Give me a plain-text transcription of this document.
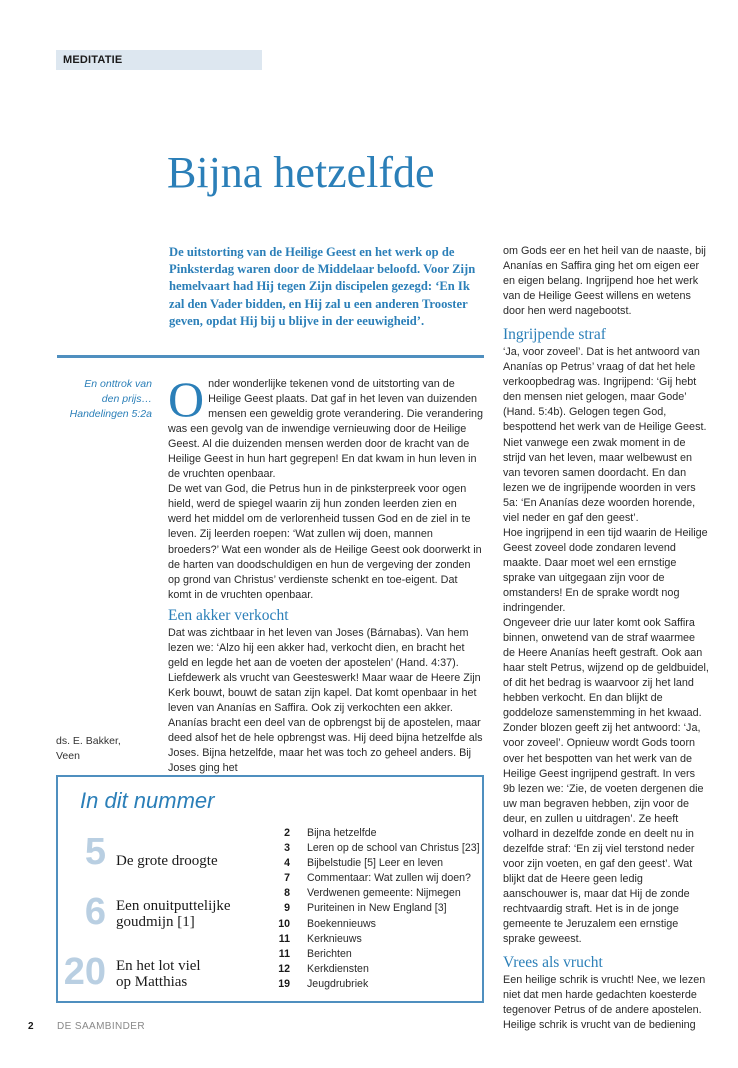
MEDITATIE
Bijna hetzelfde
De uitstorting van de Heilige Geest en het werk op de Pinksterdag waren door de Middelaar beloofd. Voor Zijn hemelvaart had Hij tegen Zijn discipelen gezegd: ‘En Ik zal den Vader bidden, en Hij zal u een anderen Trooster geven, opdat Hij bij u blijve in der eeuwigheid’.
En onttrok van
den prijs…
Handelingen 5:2a
ds. E. Bakker,
Veen

Onder wonderlijke tekenen vond de uitstorting van de Heilige Geest plaats. Dat gaf in het leven van duizenden mensen een geweldig grote verandering. Die verandering was een gevolg van de inwendige vernieuwing door de Heilige Geest. Al die duizenden mensen werden door de kracht van de Heilige Geest in hun hart gegrepen! En dat kwam in hun leven in de vruchten openbaar.

De wet van God, die Petrus hun in de pinksterpreek voor ogen hield, werd de spiegel waarin zij hun zonden leerden zien en werd het middel om de verlorenheid tussen God en de ziel in te leven. Zij leerden roepen: ‘Wat zullen wij doen, mannen broeders?’ Wat een wonder als de Heilige Geest ook doorwerkt in de harten van doodschuldigen en hun de vergeving der zonden op grond van Christus’ verdienste schenkt en toe-eigent. Dat komt in de vruchten openbaar.

Een akker verkocht

Dat was zichtbaar in het leven van Joses (Bárnabas). Van hem lezen we: ‘Alzo hij een akker had, verkocht dien, en bracht het geld en legde het aan de voeten der apostelen’ (Hand. 4:37). Liefdewerk als vrucht van Geesteswerk! Maar waar de Heere Zijn Kerk bouwt, bouwt de satan zijn kapel. Dat komt openbaar in het leven van Ananías en Saffira. Ook zij verkochten een akker. Ananías bracht een deel van de opbrengst bij de apostelen, maar deed alsof het de hele opbrengst was. Hij deed bijna hetzelfde als Joses. Bijna hetzelfde, maar het was toch zo geheel anders. Bij Joses ging het

om Gods eer en het heil van de naaste, bij Ananías en Saffira ging het om eigen eer en eigen belang. Ingrijpend hoe het werk van de Heilige Geest willens en wetens door hen werd nagebootst.

Ingrijpende straf

‘Ja, voor zoveel’. Dat is het antwoord van Ananías op Petrus’ vraag of dat het hele verkoopbedrag was. Ingrijpend: ‘Gij hebt den mensen niet gelogen, maar Gode’ (Hand. 5:4b). Gelogen tegen God, bespottend het werk van de Heilige Geest. Niet vanwege een zwak moment in de strijd van het leven, maar welbewust en van tevoren samen doordacht. En dan lezen we de ingrijpende woorden in vers 5a: ‘En Ananías deze woorden horende, viel neder en gaf den geest’.

Hoe ingrijpend in een tijd waarin de Heilige Geest zoveel dode zondaren levend maakte. Daar moet wel een ernstige sprake van uitgegaan zijn voor de omstanders! En de sprake wordt nog indringender.

Ongeveer drie uur later komt ook Saffira binnen, onwetend van de straf waarmee de Heere Ananías heeft gestraft. Ook aan haar stelt Petrus, wijzend op de geldbuidel, of dit het bedrag is waarvoor zij het land hebben verkocht. En dan blijkt de goddeloze samenstemming in het kwaad. Zonder blozen geeft zij het antwoord: ‘Ja, voor zoveel’. Opnieuw wordt Gods toorn over het bespotten van het werk van de Heilige Geest ingrijpend gestraft. In vers 9b lezen we: ‘Zie, de voeten dergenen die uw man begraven hebben, zijn voor de deur, en zullen u uitdragen’. Ze heeft volhard in dezelfde zonde en deelt nu in dezelfde straf: ‘En zij viel terstond neder voor zijn voeten, en gaf den geest’. Wat blijkt dat de Heere geen ledig aanschouwer is, maar dat Hij de zonde rechtvaardig straft. Het is in de jonge gemeente te Jeruzalem een ernstige sprake geweest.

Vrees als vrucht

Een heilige schrik is vrucht! Nee, we lezen niet dat men harde gedachten koesterde tegenover Petrus of de andere apostelen. Heilige schrik is vrucht van de bediening

In dit nummer
5 De grote droogte
6 Een onuitputtelijke
goudmijn [1]
20 En het lot viel
op Matthias
2 Bijna hetzelfde
3 Leren op de school van Christus [23]
4 Bijbelstudie [5] Leer en leven
7 Commentaar: Wat zullen wij doen?
8 Verdwenen gemeente: Nijmegen
9 Puriteinen in New England [3]
10 Boekennieuws
11 Kerknieuws
11 Berichten
12 Kerkdiensten
19 Jeugdrubriek
2 DE SAAMBINDER
